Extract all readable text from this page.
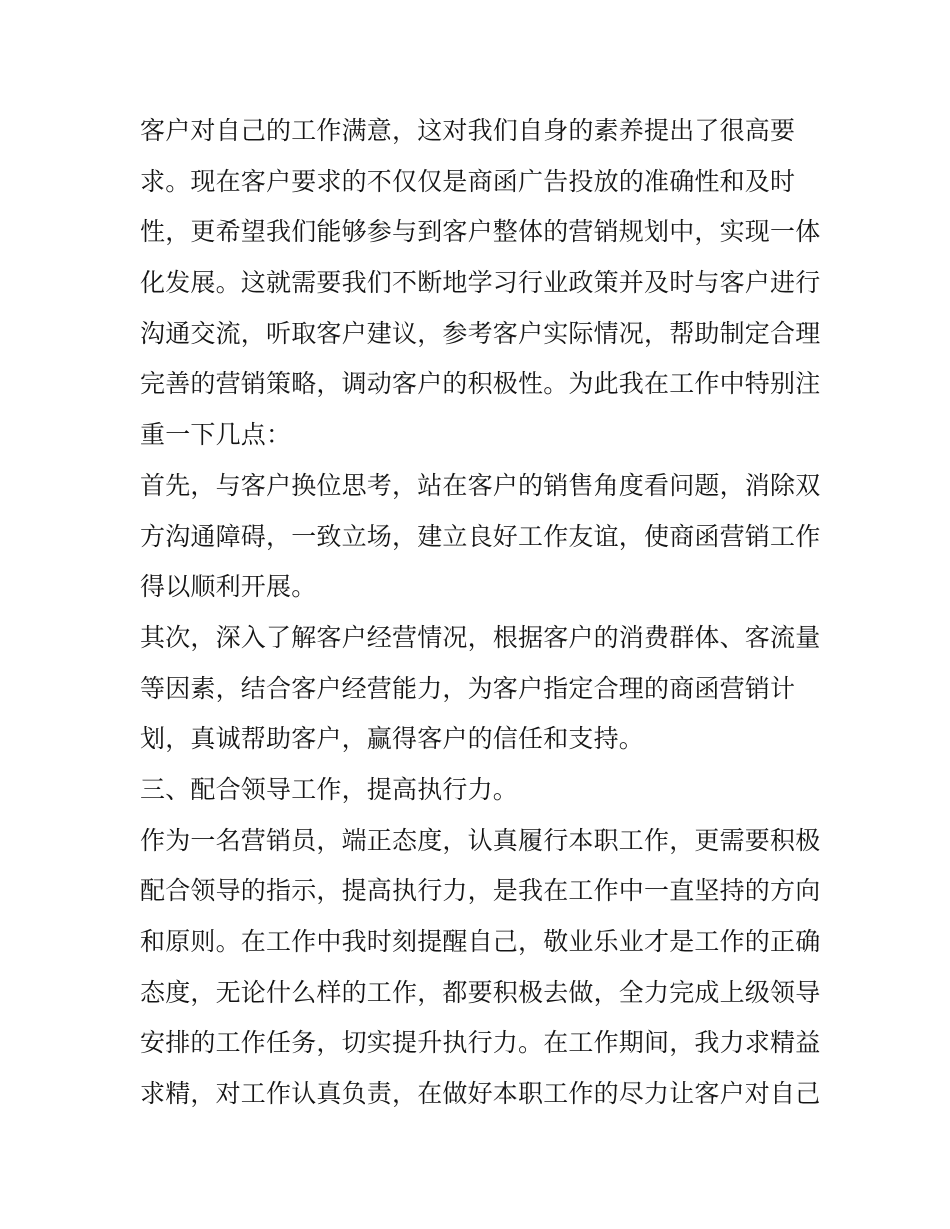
客户对自己的工作满意，这对我们自身的素养提出了很高要
求。现在客户要求的不仅仅是商函广告投放的准确性和及时
性，更希望我们能够参与到客户整体的营销规划中，实现一体
化发展。这就需要我们不断地学习行业政策并及时与客户进行
沟通交流，听取客户建议，参考客户实际情况，帮助制定合理
完善的营销策略，调动客户的积极性。为此我在工作中特别注
重一下几点：
首先，与客户换位思考，站在客户的销售角度看问题，消除双
方沟通障碍，一致立场，建立良好工作友谊，使商函营销工作
得以顺利开展。
其次，深入了解客户经营情况，根据客户的消费群体、客流量
等因素，结合客户经营能力，为客户指定合理的商函营销计
划，真诚帮助客户，赢得客户的信任和支持。
三、配合领导工作，提高执行力。
作为一名营销员，端正态度，认真履行本职工作，更需要积极
配合领导的指示，提高执行力，是我在工作中一直坚持的方向
和原则。在工作中我时刻提醒自己，敬业乐业才是工作的正确
态度，无论什么样的工作，都要积极去做，全力完成上级领导
安排的工作任务，切实提升执行力。在工作期间，我力求精益
求精，对工作认真负责，在做好本职工作的尽力让客户对自己
